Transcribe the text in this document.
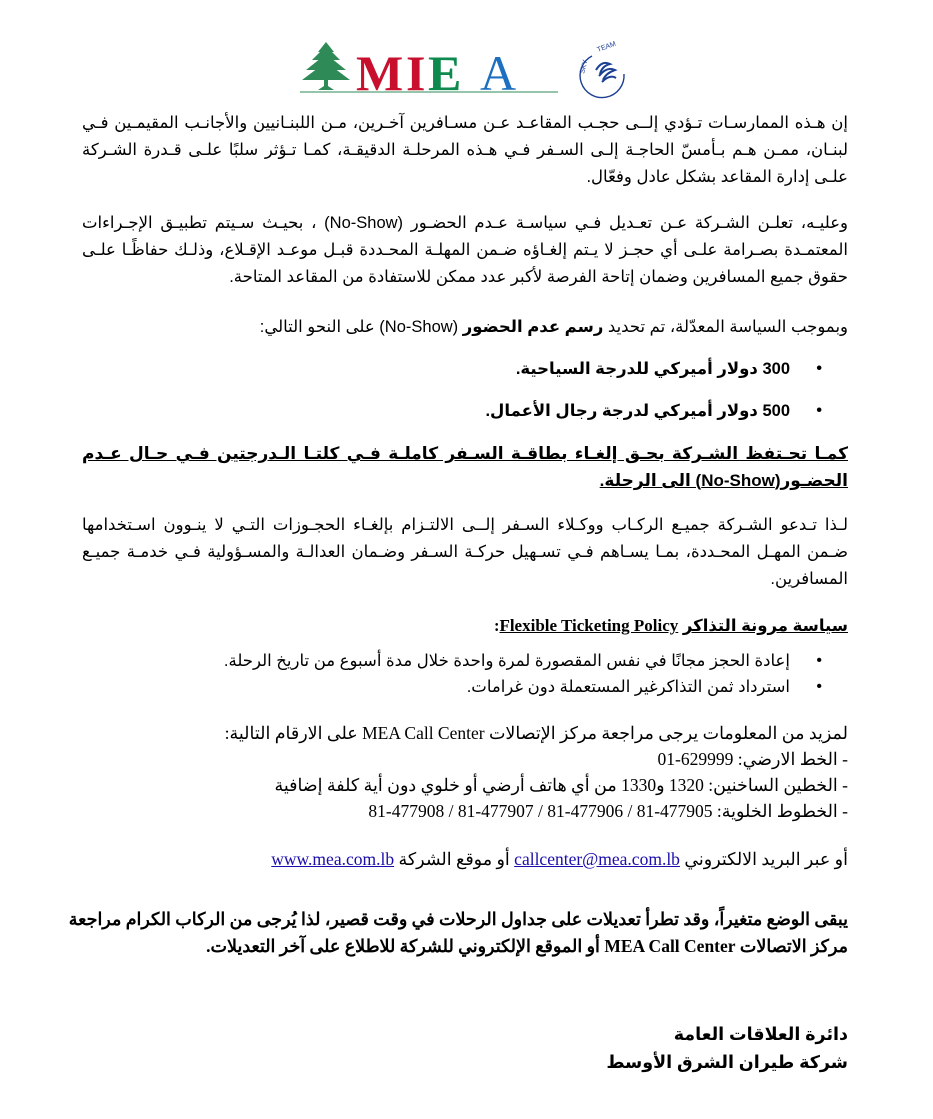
M I E A	TEAM
SKY
إن هـذه الممارسـات تـؤدي إلــى حجـب المقاعـد عـن مسـافرين آخـرين، مـن اللبنـانيين والأجانـب المقيمـين فـي لبنـان، ممـن هـم بـأمسّ الحاجـة إلـى السـفر فـي هـذه المرحلـة الدقيقـة، كمـا تـؤثر سلبًا علـى قـدرة الشـركة علـى إدارة المقاعد بشكل عادل وفعّال.
وعليـه، تعلـن الشـركة عـن تعـديل فـي سياسـة عـدم الحضـور (No-Show) ، بحيـث سـيتم تطبيـق الإجـراءات المعتمـدة بصـرامة علـى أي حجـز لا يـتم إلغـاؤه ضـمن المهلـة المحـددة قبـل موعـد الإقـلاع، وذلـك حفاظًـا علـى حقوق جميع المسافرين وضمان إتاحة الفرصة لأكبر عدد ممكن للاستفادة من المقاعد المتاحة.
وبموجب السياسة المعدّلة، تم تحديد رسم عدم الحضور (No-Show) على النحو التالي:
• 300 دولار أميركي للدرجة السياحية.
• 500 دولار أميركي لدرجة رجال الأعمال.
كمـا تحـتفظ الشـركة بحـق إلغـاء بطاقـة السـفر كاملـة فـي كلتـا الـدرجتين فـي حـال عـدم الحضـور(No-Show) الى الرحلة.
لـذا تـدعو الشـركة جميـع الركـاب ووكـلاء السـفر إلــى الالتـزام بإلغـاء الحجـوزات التـي لا ينـوون اسـتخدامها
ضـمن المهـل المحـددة، بمـا يسـاهم فـي تسـهيل حركـة السـفر وضـمان العدالـة والمسـؤولية فـي خدمـة جميـع
المسافرين.
سياسة مرونة التذاكر Flexible Ticketing Policy:
• إعادة الحجز مجانًا في نفس المقصورة لمرة واحدة خلال مدة أسبوع من تاريخ الرحلة.
• استرداد ثمن التذاكرغير المستعملة دون غرامات.
لمزيد من المعلومات يرجى مراجعة مركز الإتصالات MEA Call Center على الارقام التالية:
- الخط الارضي: 01-629999
- الخطين الساخنين: 1320 و1330 من أي هاتف أرضي أو خلوي دون أية كلفة إضافية
- الخطوط الخلوية: 81-477908 / 81-477907 / 81-477906 / 81-477905
أو عبر البريد الالكتروني callcenter@mea.com.lb أو موقع الشركة www.mea.com.lb
يبقى الوضع متغيراً، وقد تطرأ تعديلات على جداول الرحلات في وقت قصير، لذا يُرجى من الركاب الكرام مراجعة
مركز الاتصالات MEA Call Center أو الموقع الإلكتروني للشركة للاطلاع على آخر التعديلات.
دائرة العلاقات العامة
شركة طيران الشرق الأوسط
